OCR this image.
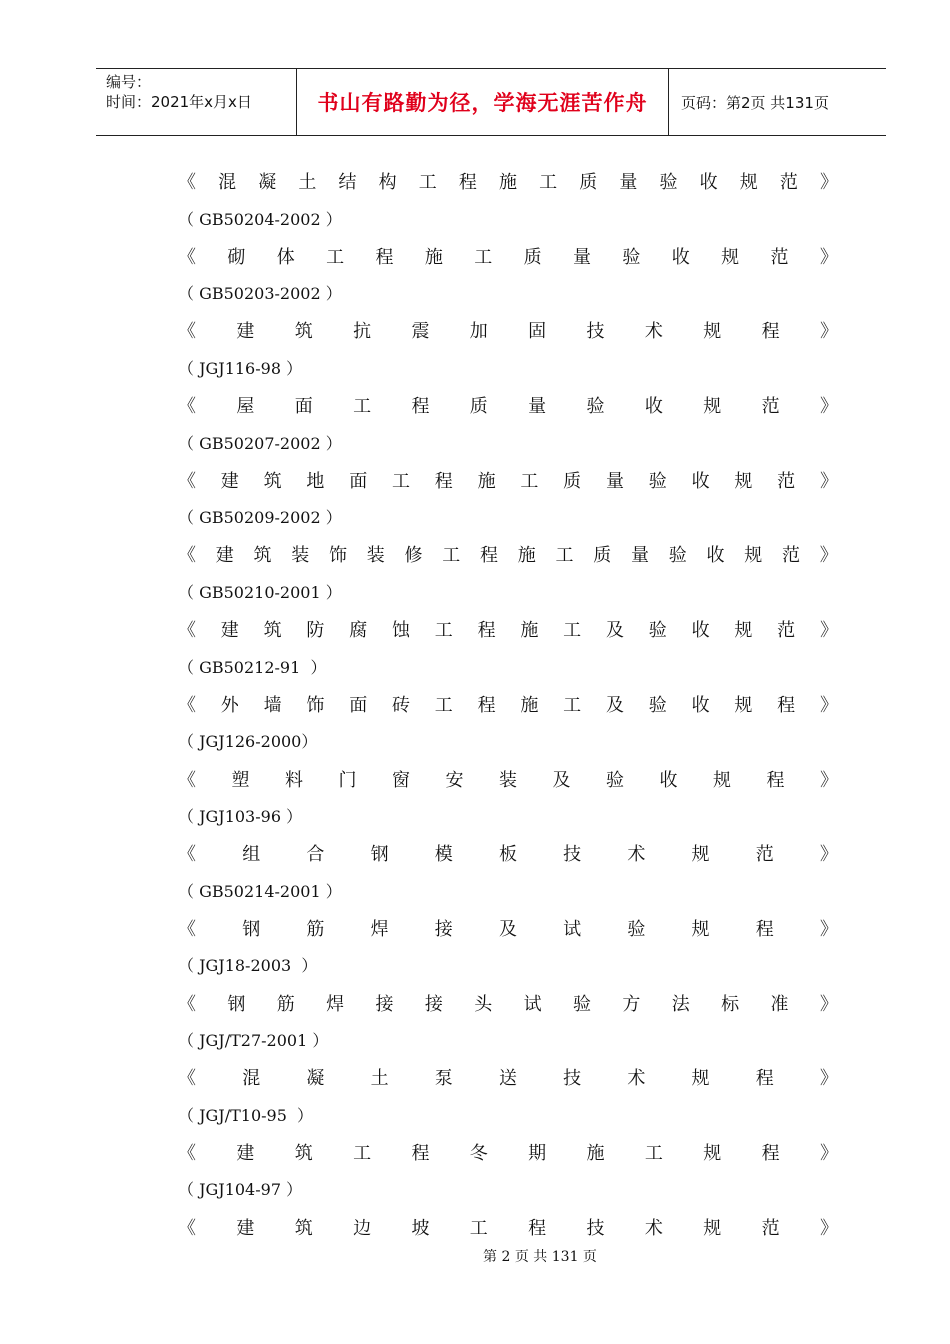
编号：
时间：2021年x月x日	书山有路勤为径，学海无涯苦作舟	页码：第2页 共131页
《 混 凝 土 结 构 工 程 施 工 质 量 验 收 规 范 》
（ GB50204-2002 ）
《 砌 体 工 程 施 工 质 量 验 收 规 范 》
（ GB50203-2002 ）
《 建 筑 抗 震 加 固 技 术 规 程 》
（ JGJ116-98 ）
《 屋 面 工 程 质 量 验 收 规 范 》
（ GB50207-2002 ）
《 建 筑 地 面 工 程 施 工 质 量 验 收 规 范 》
（ GB50209-2002 ）
《 建 筑 装 饰 装 修 工 程 施 工 质 量 验 收 规 范 》
（ GB50210-2001 ）
《 建 筑 防 腐 蚀 工 程 施 工 及 验 收 规 范 》
（ GB50212-91  ）
《 外 墙 饰 面 砖 工 程 施 工 及 验 收 规 程 》
（ JGJ126-2000）
《 塑 料 门 窗 安 装 及 验 收 规 程 》
（ JGJ103-96 ）
《	组	合	钢	模	板	技	术	规	范	》
（ GB50214-2001 ）
《	钢	筋	焊	接	及	试	验	规	程	》
（ JGJ18-2003  ）
《 钢 筋 焊 接 接 头 试 验 方 法 标 准 》
（ JGJ/T27-2001 ）
《	混	凝	土	泵	送	技	术	规	程	》
（ JGJ/T10-95  ）
《 建 筑 工 程 冬 期 施 工 规 程 》
（ JGJ104-97 ）
《 建 筑 边 坡 工 程 技 术 规 范 》
第 2 页 共 131 页
